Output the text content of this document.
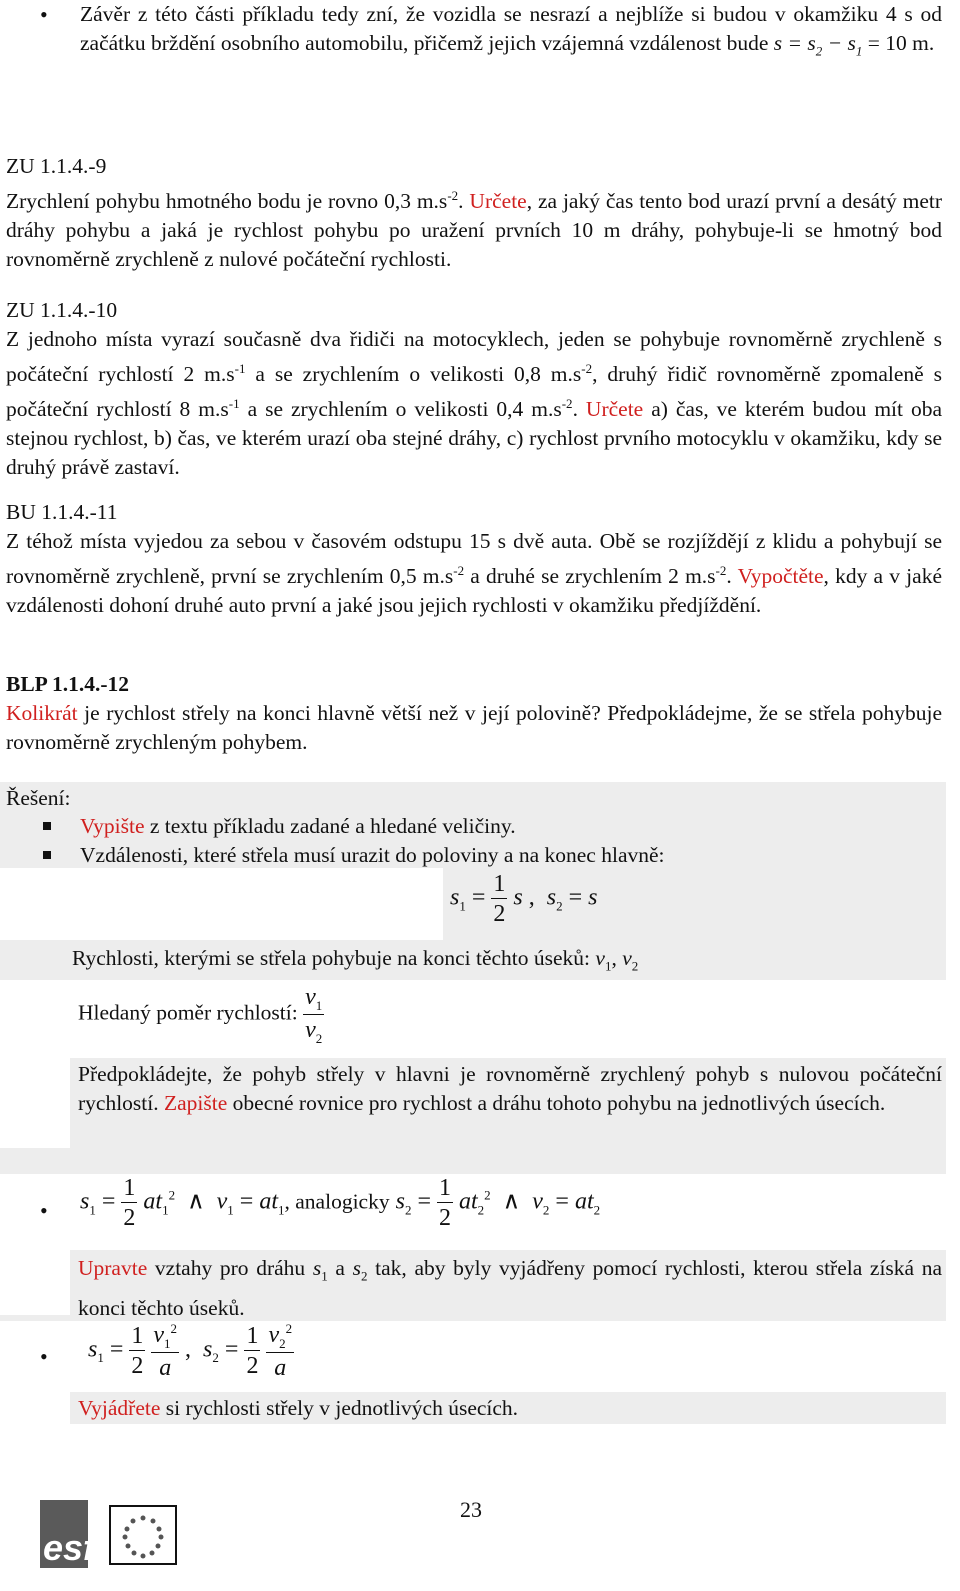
• Závěr z této části příkladu tedy zní, že vozidla se nesrazí a nejblíže si budou v okamžiku 4 s od začátku brždění osobního automobilu, přičemž jejich vzájemná vzdálenost bude $s = s_2 - s_1 = 10$ m.
ZU 1.1.4.-9
Zrychlení pohybu hmotného bodu je rovno 0,3 $m.s^{-2}$. Určete, za jaký čas tento bod urazí první a desátý metr dráhy pohybu a jaká je rychlost pohybu po uražení prvních 10 m dráhy, pohybuje-li se hmotný bod rovnoměrně zrychleně z nulové počáteční rychlosti.
ZU 1.1.4.-10
Z jednoho místa vyrazí současně dva řidiči na motocyklech, jeden se pohybuje rovnoměrně zrychleně s počáteční rychlostí 2 $m.s^{-1}$ a se zrychlením o velikosti 0,8 $m.s^{-2}$, druhý řidič rovnoměrně zpomaleně s počáteční rychlostí 8 $m.s^{-1}$ a se zrychlením o velikosti 0,4 $m.s^{-2}$. Určete a) čas, ve kterém budou mít oba stejnou rychlost, b) čas, ve kterém urazí oba stejné dráhy, c) rychlost prvního motocyklu v okamžiku, kdy se druhý právě zastaví.
BU 1.1.4.-11
Z téhož místa vyjedou za sebou v časovém odstupu 15 s dvě auta. Obě se rozjíždějí z klidu a pohybují se rovnoměrně zrychleně, první se zrychlením 0,5 $m.s^{-2}$ a druhé se zrychlením 2 $m.s^{-2}$. Vypočtěte, kdy a v jaké vzdálenosti dohoní druhé auto první a jaké jsou jejich rychlosti v okamžiku předjíždění.
BLP 1.1.4.-12
Kolikrát je rychlost střely na konci hlavně větší než v její polovině? Předpokládejme, že se střela pohybuje rovnoměrně zrychleným pohybem.
Řešení:
Vypište z textu příkladu zadané a hledané veličiny.
Vzdálenosti, které střela musí urazit do poloviny a na konec hlavně:
$s_1 = \frac{1}{2}$ s ,  $s_2 = s$
Rychlosti, kterými se střela pohybuje na konci těchto úseků: $v_1$, $v_2$
Hledaný poměr rychlostí: $\frac{v_1}{v_2}$
Předpokládejte, že pohyb střely v hlavni je rovnoměrně zrychlený pohyb s nulovou počáteční rychlostí. Zapište obecné rovnice pro rychlost a dráhu tohoto pohybu na jednotlivých úsecích.
• $s_1 = \frac{1}{2} at_1^2$  ∧  $v_1 = at_1$, analogicky $s_2 = \frac{1}{2} at_2^2$  ∧  $v_2 = at_2$
Upravte vztahy pro dráhu $s_1$ a $s_2$ tak, aby byly vyjádřeny pomocí rychlosti, kterou střela získá na konci těchto úseků.
• $s_1 = \frac{1}{2}$
$\frac{v_1^2}{a}$ ,  $s_2 = \frac{1}{2}$
$\frac{v_2^2}{a}$
Vyjádřete si rychlosti střely v jednotlivých úsecích.
esf
23
